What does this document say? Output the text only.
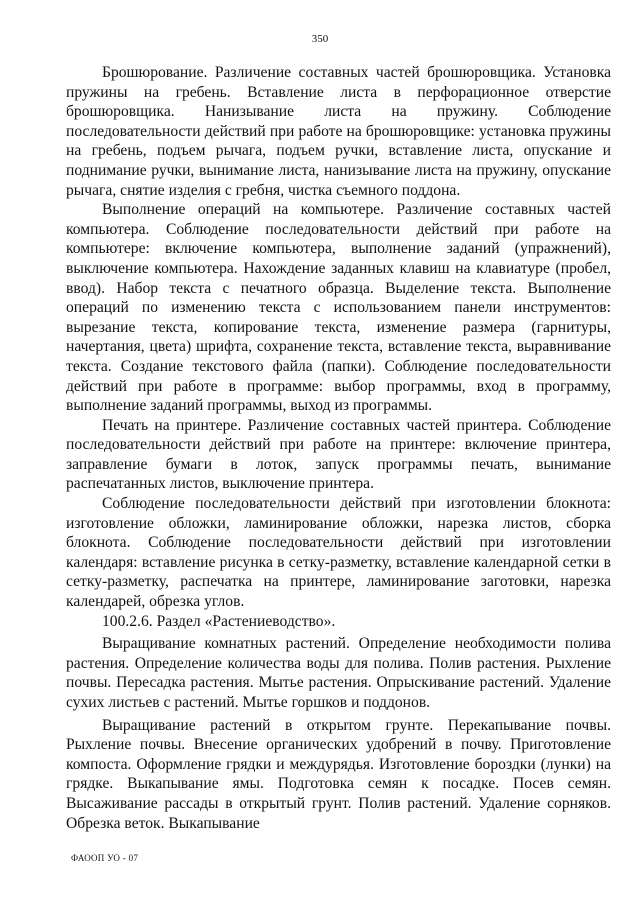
350

Брошюрование. Различение составных частей брошюровщика. Установка пружины на гребень. Вставление листа в перфорационное отверстие брошюровщика. Нанизывание листа на пружину. Соблюдение последовательности действий при работе на брошюровщике: установка пружины на гребень, подъем рычага, подъем ручки, вставление листа, опускание и поднимание ручки, вынимание листа, нанизывание листа на пружину, опускание рычага, снятие изделия с гребня, чистка съемного поддона.

Выполнение операций на компьютере. Различение составных частей компьютера. Соблюдение последовательности действий при работе на компьютере: включение компьютера, выполнение заданий (упражнений), выключение компьютера. Нахождение заданных клавиш на клавиатуре (пробел, ввод). Набор текста с печатного образца. Выделение текста. Выполнение операций по изменению текста с использованием панели инструментов: вырезание текста, копирование текста, изменение размера (гарнитуры, начертания, цвета) шрифта, сохранение текста, вставление текста, выравнивание текста. Создание текстового файла (папки). Соблюдение последовательности действий при работе в программе: выбор программы, вход в программу, выполнение заданий программы, выход из программы.

Печать на принтере. Различение составных частей принтера. Соблюдение последовательности действий при работе на принтере: включение принтера, заправление бумаги в лоток, запуск программы печать, вынимание распечатанных листов, выключение принтера.

Соблюдение последовательности действий при изготовлении блокнота: изготовление обложки, ламинирование обложки, нарезка листов, сборка блокнота. Соблюдение последовательности действий при изготовлении календаря: вставление рисунка в сетку-разметку, вставление календарной сетки в сетку-разметку, распечатка на принтере, ламинирование заготовки, нарезка календарей, обрезка углов.

100.2.6. Раздел «Растениеводство».

Выращивание комнатных растений. Определение необходимости полива растения. Определение количества воды для полива. Полив растения. Рыхление почвы. Пересадка растения. Мытье растения. Опрыскивание растений. Удаление сухих листьев с растений. Мытье горшков и поддонов.

Выращивание растений в открытом грунте. Перекапывание почвы. Рыхление почвы. Внесение органических удобрений в почву. Приготовление компоста. Оформление грядки и междурядья. Изготовление бороздки (лунки) на грядке. Выкапывание ямы. Подготовка семян к посадке. Посев семян. Высаживание рассады в открытый грунт. Полив растений. Удаление сорняков. Обрезка веток. Выкапывание

ФАООП УО - 07
